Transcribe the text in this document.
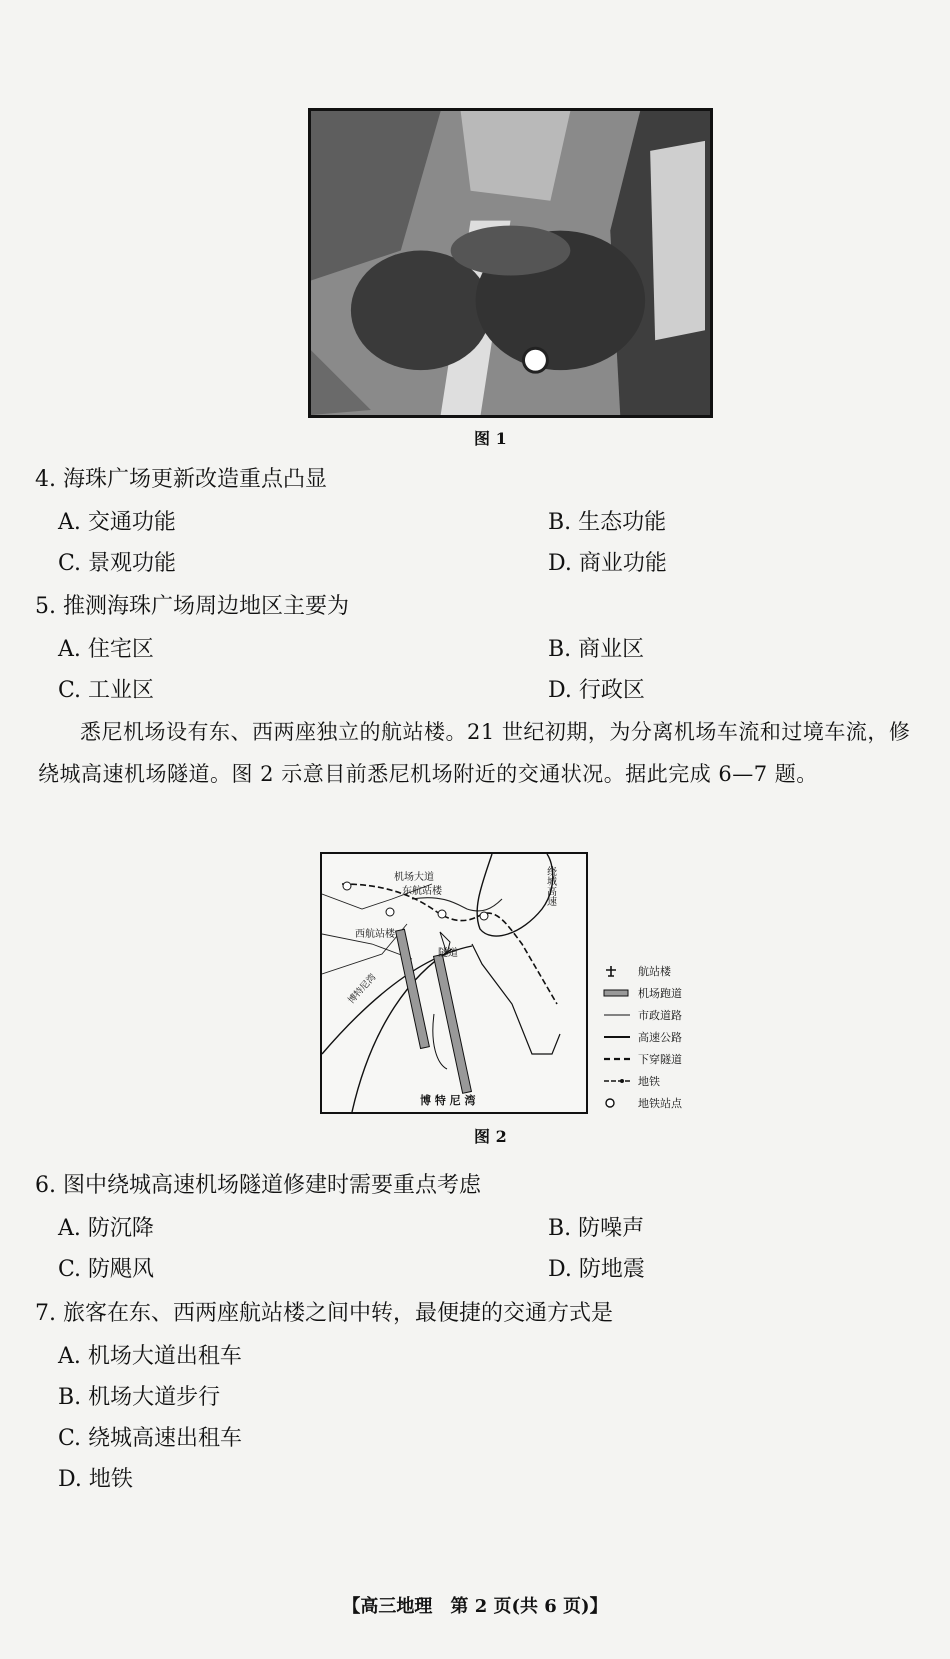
图 1
4. 海珠广场更新改造重点凸显
A. 交通功能	B. 生态功能
C. 景观功能	D. 商业功能
5. 推测海珠广场周边地区主要为
A. 住宅区	B. 商业区
C. 工业区	D. 行政区
悉尼机场设有东、西两座独立的航站楼。21 世纪初期，为分离机场车流和过境车流，修
绕城高速机场隧道。图 2 示意目前悉尼机场附近的交通状况。据此完成 6—7 题。
机场大道
东航站楼
西航站楼
隧道
绕城高速
博特尼湾
博 特 尼 湾
航站楼
机场跑道
市政道路
高速公路
下穿隧道
地铁
地铁站点
图 2
6. 图中绕城高速机场隧道修建时需要重点考虑
A. 防沉降	B. 防噪声
C. 防飓风	D. 防地震
7. 旅客在东、西两座航站楼之间中转，最便捷的交通方式是
A. 机场大道出租车
B. 机场大道步行
C. 绕城高速出租车
D. 地铁
【高三地理　第 2 页(共 6 页)】
